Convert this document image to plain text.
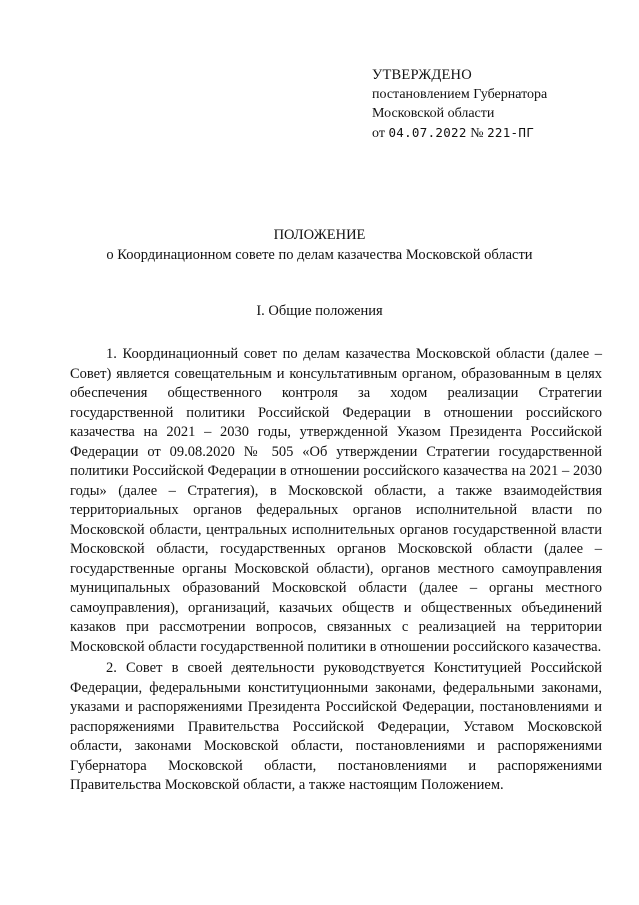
УТВЕРЖДЕНО
постановлением Губернатора
Московской области
от 04.07.2022 № 221-ПГ
ПОЛОЖЕНИЕ
о Координационном совете по делам казачества Московской области
I. Общие положения

1. Координационный совет по делам казачества Московской области (далее – Совет) является совещательным и консультативным органом, образованным в целях обеспечения общественного контроля за ходом реализации Стратегии государственной политики Российской Федерации в отношении российского казачества на 2021 – 2030 годы, утвержденной Указом Президента Российской Федерации от 09.08.2020 № 505 «Об утверждении Стратегии государственной политики Российской Федерации в отношении российского казачества на 2021 – 2030 годы» (далее – Стратегия), в Московской области, а также взаимодействия территориальных органов федеральных органов исполнительной власти по Московской области, центральных исполнительных органов государственной власти Московской области, государственных органов Московской области (далее – государственные органы Московской области), органов местного самоуправления муниципальных образований Московской области (далее – органы местного самоуправления), организаций, казачьих обществ и общественных объединений казаков при рассмотрении вопросов, связанных с реализацией на территории Московской области государственной политики в отношении российского казачества.

2. Совет в своей деятельности руководствуется Конституцией Российской Федерации, федеральными конституционными законами, федеральными законами, указами и распоряжениями Президента Российской Федерации, постановлениями и распоряжениями Правительства Российской Федерации, Уставом Московской области, законами Московской области, постановлениями и распоряжениями Губернатора Московской области, постановлениями и распоряжениями Правительства Московской области, а также настоящим Положением.
